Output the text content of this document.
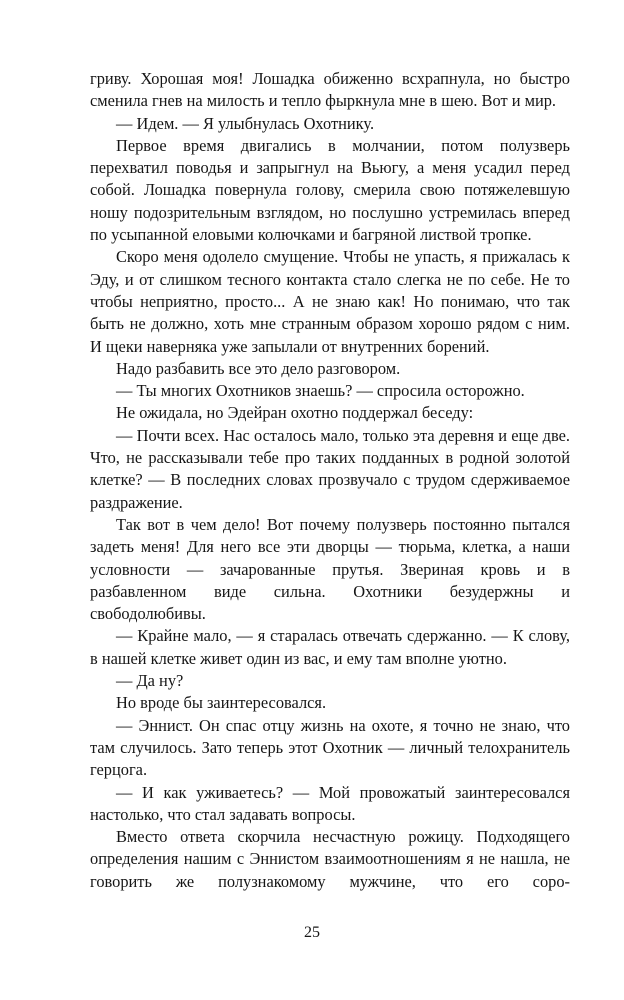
гриву. Хорошая моя! Лошадка обиженно всхрапнула, но быстро сменила гнев на милость и тепло фыркнула мне в шею. Вот и мир.

— Идем. — Я улыбнулась Охотнику.

Первое время двигались в молчании, потом полузверь перехватил поводья и запрыгнул на Вьюгу, а меня усадил перед собой. Лошадка повернула голову, смерила свою потяжелевшую ношу подозрительным взглядом, но послушно устремилась вперед по усыпанной еловыми колючками и багряной листвой тропке.

Скоро меня одолело смущение. Чтобы не упасть, я прижалась к Эду, и от слишком тесного контакта стало слегка не по себе. Не то чтобы неприятно, просто... А не знаю как! Но понимаю, что так быть не должно, хоть мне странным образом хорошо рядом с ним. И щеки наверняка уже запылали от внутренних борений.

Надо разбавить все это дело разговором.

— Ты многих Охотников знаешь? — спросила осторожно.

Не ожидала, но Эдейран охотно поддержал беседу:

— Почти всех. Нас осталось мало, только эта деревня и еще две. Что, не рассказывали тебе про таких подданных в родной золотой клетке? — В последних словах прозвучало с трудом сдерживаемое раздражение.

Так вот в чем дело! Вот почему полузверь постоянно пытался задеть меня! Для него все эти дворцы — тюрьма, клетка, а наши условности — зачарованные прутья. Звериная кровь и в разбавленном виде сильна. Охотники безудержны и свободолюбивы.

— Крайне мало, — я старалась отвечать сдержанно. — К слову, в нашей клетке живет один из вас, и ему там вполне уютно.

— Да ну?

Но вроде бы заинтересовался.

— Эннист. Он спас отцу жизнь на охоте, я точно не знаю, что там случилось. Зато теперь этот Охотник — личный телохранитель герцога.

— И как уживаетесь? — Мой провожатый заинтересовался настолько, что стал задавать вопросы.

Вместо ответа скорчила несчастную рожицу. Подходящего определения нашим с Эннистом взаимоотношениям я не нашла, не говорить же полузнакомому мужчине, что его соро-

25
